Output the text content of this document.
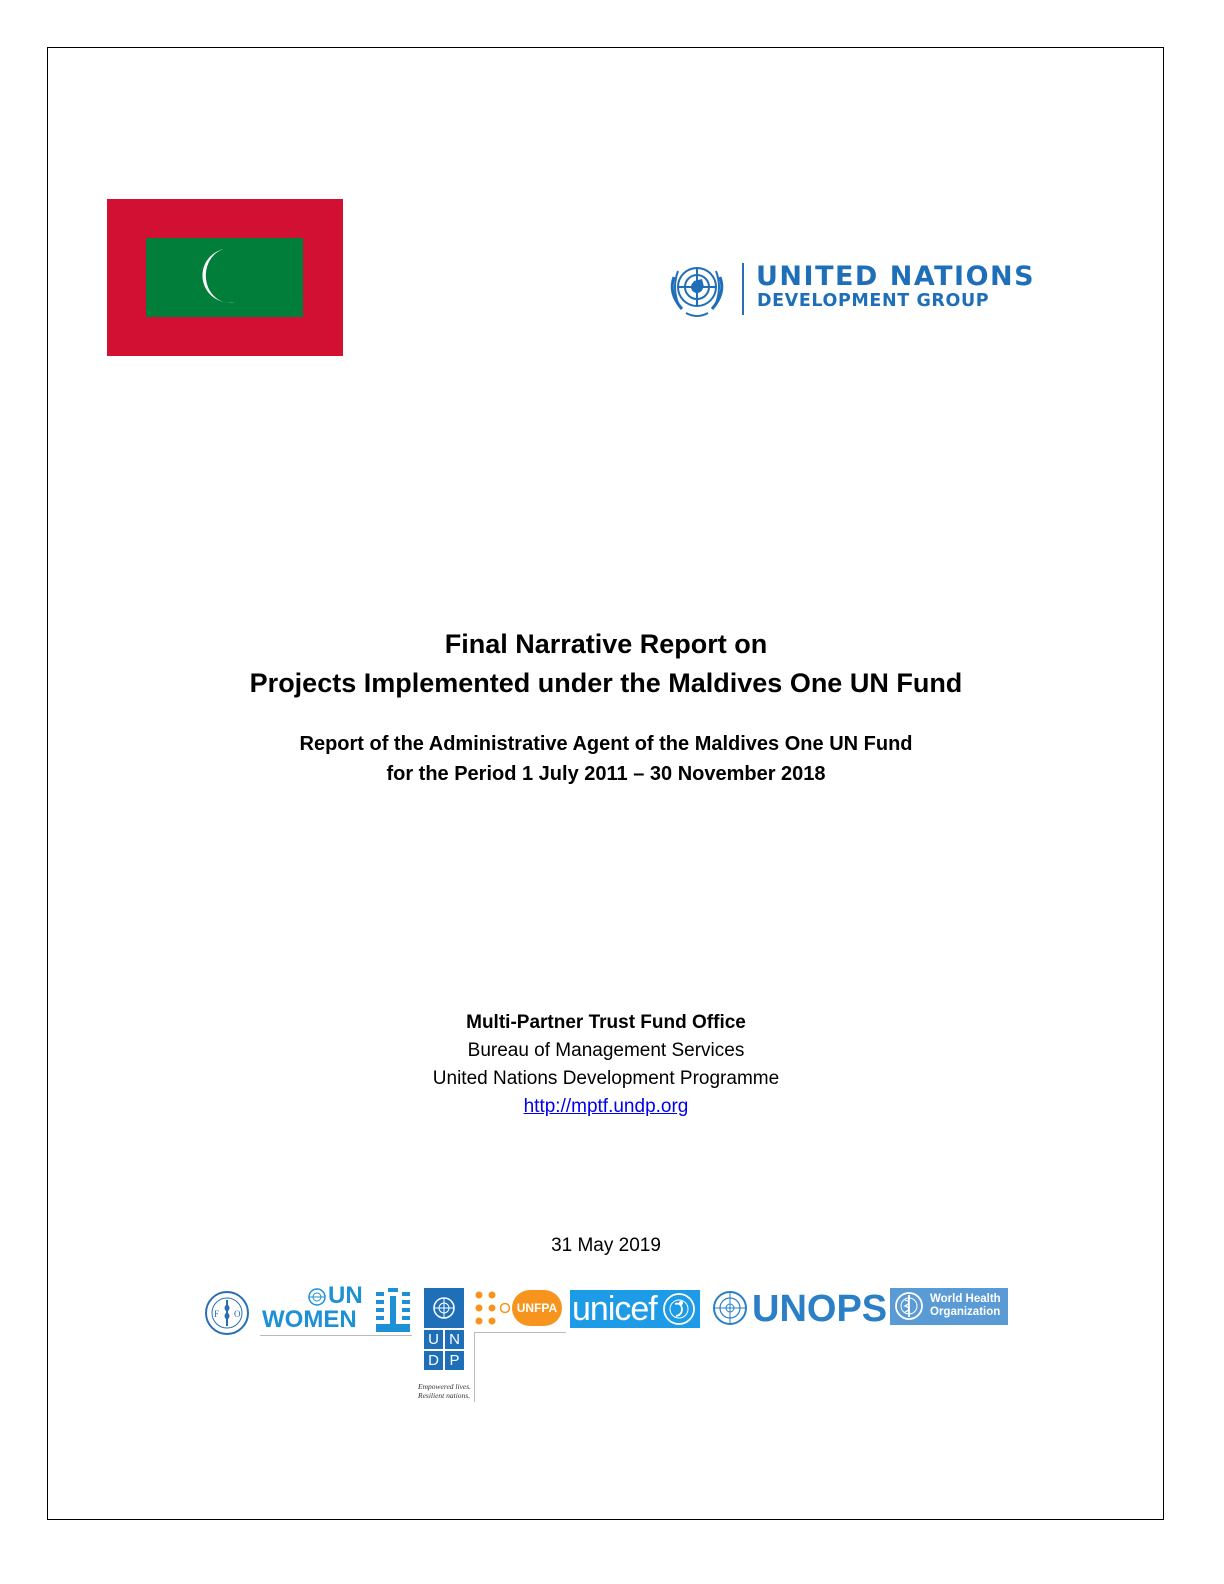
UNITED NATIONS
DEVELOPMENT GROUP
Final Narrative Report on
Projects Implemented under the Maldives One UN Fund
Report of the Administrative Agent of the Maldives One UN Fund
for the Period 1 July 2011 – 30 November 2018
Multi-Partner Trust Fund Office
Bureau of Management Services
United Nations Development Programme
http://mptf.undp.org
31 May 2019
F O
UN
WOMEN
U N
D P
Empowered lives.
Resilient nations.
UNFPA unicef	UNOPS	World Health
Organization
